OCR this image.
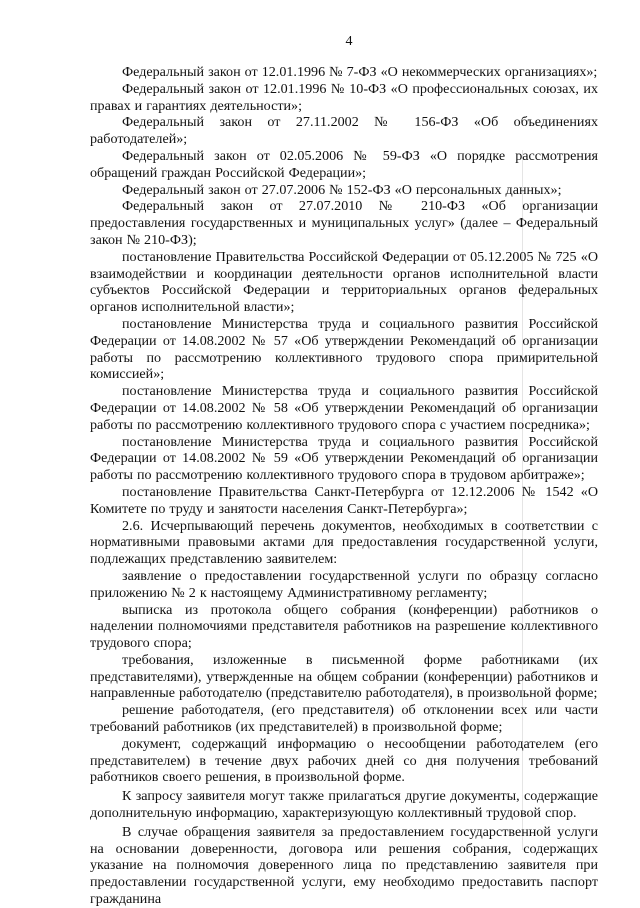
4

Федеральный закон от 12.01.1996 № 7-ФЗ «О некоммерческих организациях»;

Федеральный закон от 12.01.1996 № 10-ФЗ «О профессиональных союзах, их правах и гарантиях деятельности»;

Федеральный закон от 27.11.2002 № 156-ФЗ «Об объединениях работодателей»;

Федеральный закон от 02.05.2006 № 59-ФЗ «О порядке рассмотрения обращений граждан Российской Федерации»;

Федеральный закон от 27.07.2006 № 152-ФЗ «О персональных данных»;

Федеральный закон от 27.07.2010 № 210-ФЗ «Об организации предоставления государственных и муниципальных услуг» (далее – Федеральный закон № 210-ФЗ);

постановление Правительства Российской Федерации от 05.12.2005 № 725 «О взаимодействии и координации деятельности органов исполнительной власти субъектов Российской Федерации и территориальных органов федеральных органов исполнительной власти»;

постановление Министерства труда и социального развития Российской Федерации от 14.08.2002 № 57 «Об утверждении Рекомендаций об организации работы по рассмотрению коллективного трудового спора примирительной комиссией»;

постановление Министерства труда и социального развития Российской Федерации от 14.08.2002 № 58 «Об утверждении Рекомендаций об организации работы по рассмотрению коллективного трудового спора с участием посредника»;

постановление Министерства труда и социального развития Российской Федерации от 14.08.2002 № 59 «Об утверждении Рекомендаций об организации работы по рассмотрению коллективного трудового спора в трудовом арбитраже»;

постановление Правительства Санкт-Петербурга от 12.12.2006 № 1542 «О Комитете по труду и занятости населения Санкт-Петербурга»;

2.6. Исчерпывающий перечень документов, необходимых в соответствии с нормативными правовыми актами для предоставления государственной услуги, подлежащих представлению заявителем:

заявление о предоставлении государственной услуги по образцу согласно приложению № 2 к настоящему Административному регламенту;

выписка из протокола общего собрания (конференции) работников о наделении полномочиями представителя работников на разрешение коллективного трудового спора;

требования, изложенные в письменной форме работниками (их представителями), утвержденные на общем собрании (конференции) работников и направленные работодателю (представителю работодателя), в произвольной форме;

решение работодателя, (его представителя) об отклонении всех или части требований работников (их представителей) в произвольной форме;

документ, содержащий информацию о несообщении работодателем (его представителем) в течение двух рабочих дней со дня получения требований работников своего решения, в произвольной форме.

К запросу заявителя могут также прилагаться другие документы, содержащие дополнительную информацию, характеризующую коллективный трудовой спор.

В случае обращения заявителя за предоставлением государственной услуги на основании доверенности, договора или решения собрания, содержащих указание на полномочия доверенного лица по представлению заявителя при предоставлении государственной услуги, ему необходимо предоставить паспорт гражданина
